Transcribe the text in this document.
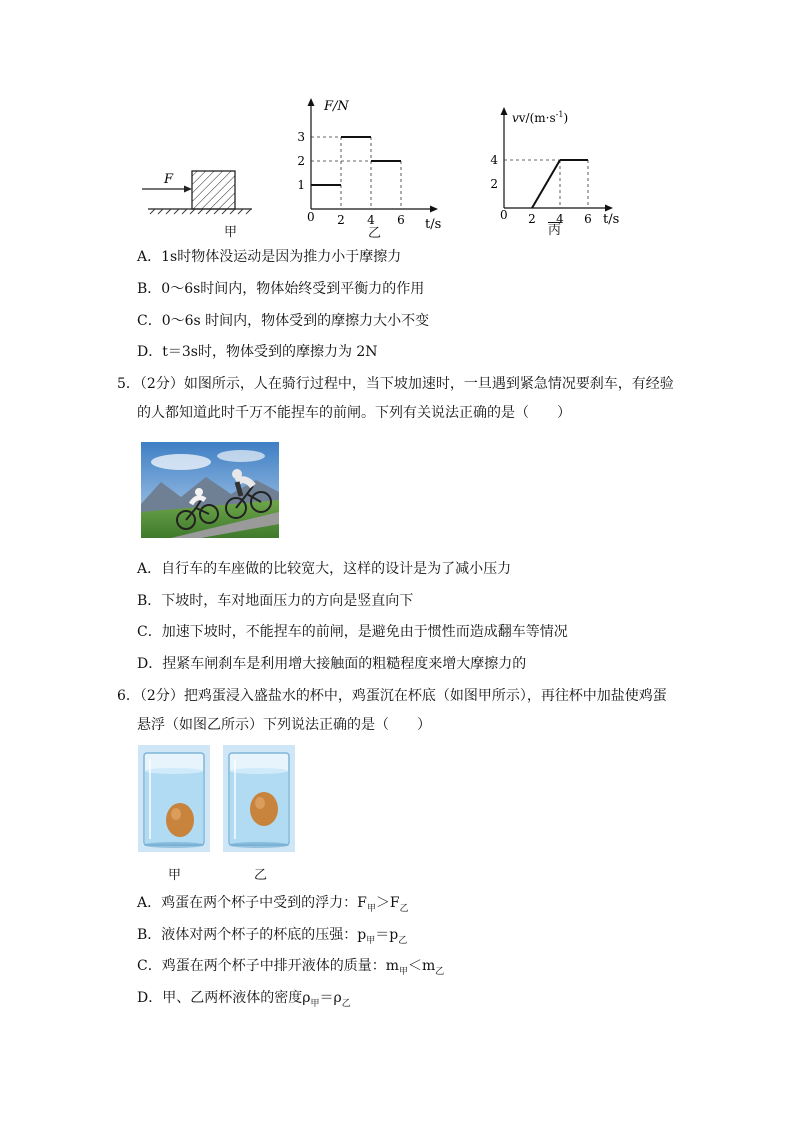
F
甲
F/N
t/s
0
1
2
3
2 4 6
乙
$vv/(m\cdot s^{-1})$
t/s
0
2
4
2 4 6
丙
A．1s时物体没运动是因为推力小于摩擦力
B．0～6s时间内，物体始终受到平衡力的作用
C．0～6s 时间内，物体受到的摩擦力大小不变
D．t＝3s时，物体受到的摩擦力为 2N
5．（2分）如图所示，人在骑行过程中，当下坡加速时，一旦遇到紧急情况要刹车，有经验
的人都知道此时千万不能捏车的前闸。下列有关说法正确的是（　　）
A．自行车的车座做的比较宽大，这样的设计是为了减小压力
B．下坡时，车对地面压力的方向是竖直向下
C．加速下坡时，不能捏车的前闸，是避免由于惯性而造成翻车等情况
D．捏紧车闸刹车是利用增大接触面的粗糙程度来增大摩擦力的
6．（2分）把鸡蛋浸入盛盐水的杯中，鸡蛋沉在杯底（如图甲所示），再往杯中加盐使鸡蛋
悬浮（如图乙所示）下列说法正确的是（　　）
甲	乙
A．鸡蛋在两个杯子中受到的浮力：$F_甲>F_乙$
B．液体对两个杯子的杯底的压强：$p_甲=p_乙$
C．鸡蛋在两个杯子中排开液体的质量：$m_甲<m_乙$
D．甲、乙两杯液体的密度$\rho_甲=\rho_乙$
